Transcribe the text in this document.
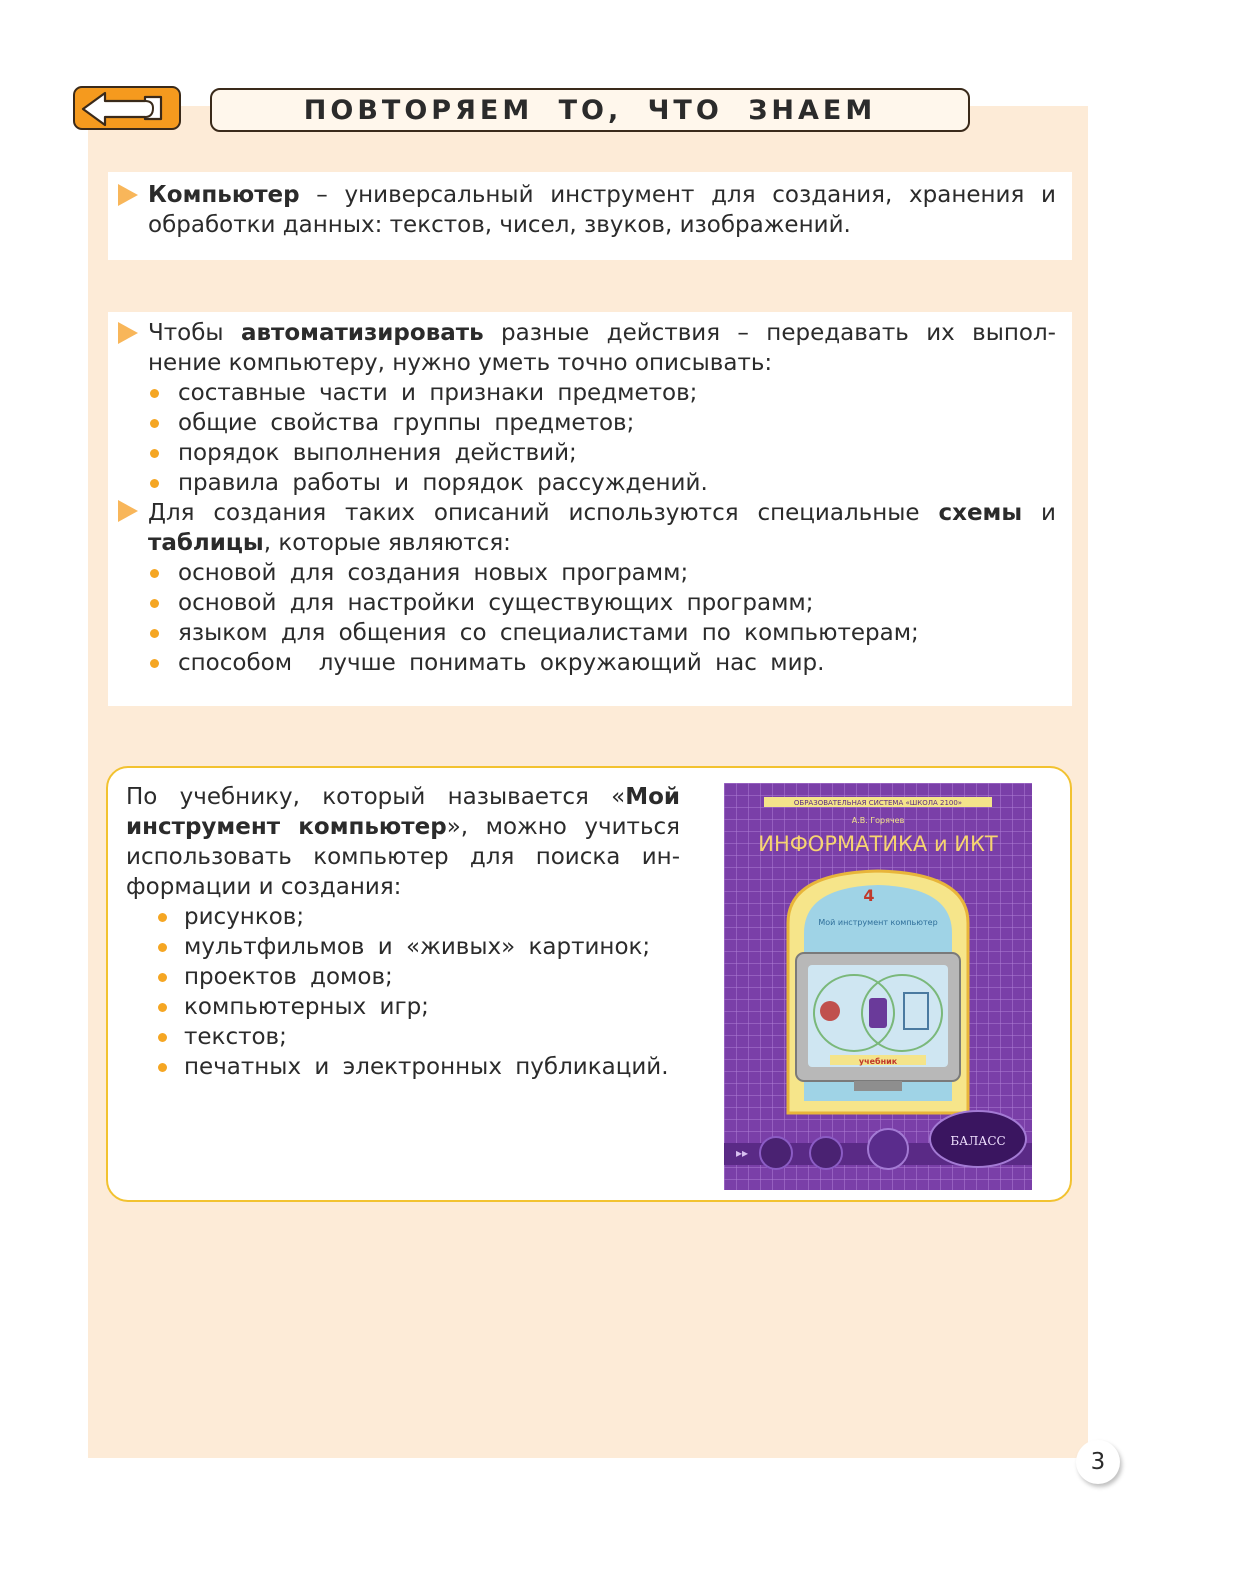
ПОВТОРЯЕМ ТО, ЧТО ЗНАЕМ
Компьютер – универсальный инструмент для создания, хранения и
обработки данных: текстов, чисел, звуков, изображений.
Чтобы автоматизировать разные действия – передавать их выпол-
нение компьютеру, нужно уметь точно описывать:
составные части и признаки предметов;
общие свойства группы предметов;
порядок выполнения действий;
правила работы и порядок рассуждений.
Для создания таких описаний используются специальные схемы и
таблицы, которые являются:
основой для создания новых программ;
основой для настройки существующих программ;
языком для общения со специалистами по компьютерам;
способом  лучше понимать окружающий нас мир.
По учебнику, который называется «Мой
инструмент компьютер», можно учиться
использовать компьютер для поиска ин-
формации и создания:
рисунков;
мультфильмов и «живых» картинок;
проектов домов;
компьютерных игр;
текстов;
печатных и электронных публикаций.
ОБРАЗОВАТЕЛЬНАЯ СИСТЕМА «ШКОЛА 2100»
А.В. Горячев
ИНФОРМАТИКА и ИКТ
4
Мой инструмент компьютер
учебник
БАЛАСС
▸▸
3
